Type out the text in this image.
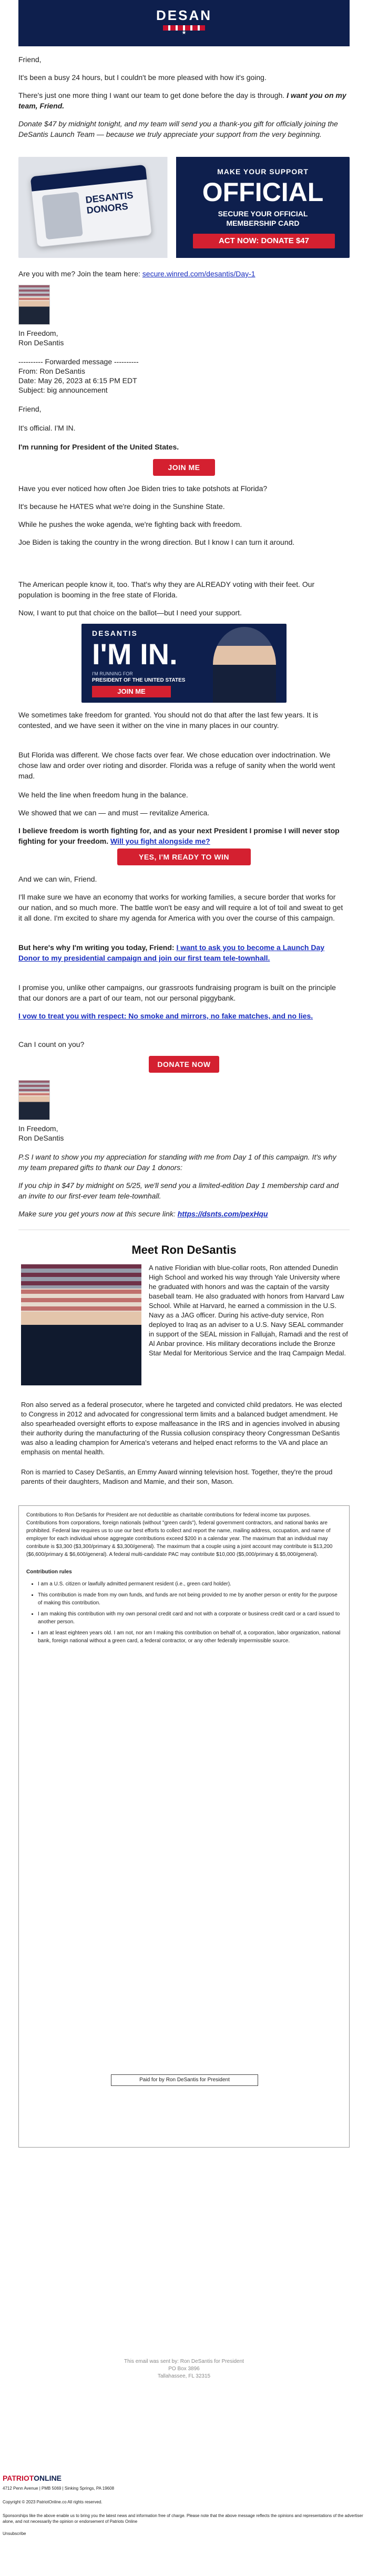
DESAN
★
Friend,
It's been a busy 24 hours, but I couldn't be more pleased with how it's going.
There's just one more thing I want our team to get done before the day is through. I want you on my team, Friend.
Donate $47 by midnight tonight, and my team will send you a thank-you gift for officially joining the DeSantis Launch Team — because we truly appreciate your support from the very beginning.
DESANTIS
DONORS
MAKE YOUR SUPPORT
OFFICIAL
SECURE YOUR OFFICIAL
MEMBERSHIP CARD
ACT NOW: DONATE $47
Are you with me? Join the team here: secure.winred.com/desantis/Day-1
In Freedom,
Ron DeSantis
---------- Forwarded message ----------
From: Ron DeSantis
Date: May 26, 2023 at 6:15 PM EDT
Subject: big announcement
Friend,
It's official. I'M IN.
I'm running for President of the United States.
JOIN ME
Have you ever noticed how often Joe Biden tries to take potshots at Florida?
It's because he HATES what we're doing in the Sunshine State.
While he pushes the woke agenda, we're fighting back with freedom.
Joe Biden is taking the country in the wrong direction. But I know I can turn it around.
The American people know it, too. That's why they are ALREADY voting with their feet. Our population is booming in the free state of Florida.
Now, I want to put that choice on the ballot—but I need your support.
DESANTIS
I'M IN.
I'M RUNNING FOR
PRESIDENT OF THE UNITED STATES
JOIN ME
We sometimes take freedom for granted. You should not do that after the last few years. It is contested, and we have seen it wither on the vine in many places in our country.
But Florida was different. We chose facts over fear. We chose education over indoctrination. We chose law and order over rioting and disorder. Florida was a refuge of sanity when the world went mad.
We held the line when freedom hung in the balance.
We showed that we can — and must — revitalize America.
I believe freedom is worth fighting for, and as your next President I promise I will never stop fighting for your freedom. Will you fight alongside me?
YES, I'M READY TO WIN
And we can win, Friend.
I'll make sure we have an economy that works for working families, a secure border that works for our nation, and so much more. The battle won't be easy and will require a lot of toil and sweat to get it all done. I'm excited to share my agenda for America with you over the course of this campaign.
But here's why I'm writing you today, Friend: I want to ask you to become a Launch Day Donor to my presidential campaign and join our first team tele-townhall.
I promise you, unlike other campaigns, our grassroots fundraising program is built on the principle that our donors are a part of our team, not our personal piggybank.
I vow to treat you with respect: No smoke and mirrors, no fake matches, and no lies.
Can I count on you?
DONATE NOW
In Freedom,
Ron DeSantis
P.S I want to show you my appreciation for standing with me from Day 1 of this campaign. It's why my team prepared gifts to thank our Day 1 donors:
If you chip in $47 by midnight on 5/25, we'll send you a limited-edition Day 1 membership card and an invite to our first-ever team tele-townhall.
Make sure you get yours now at this secure link: https://dsnts.com/pexHqu
Meet Ron DeSantis
A native Floridian with blue-collar roots, Ron attended Dunedin High School and worked his way through Yale University where he graduated with honors and was the captain of the varsity baseball team. He also graduated with honors from Harvard Law School. While at Harvard, he earned a commission in the U.S. Navy as a JAG officer. During his active-duty service, Ron deployed to Iraq as an adviser to a U.S. Navy SEAL commander in support of the SEAL mission in Fallujah, Ramadi and the rest of Al Anbar province. His military decorations include the Bronze Star Medal for Meritorious Service and the Iraq Campaign Medal.
Ron also served as a federal prosecutor, where he targeted and convicted child predators. He was elected to Congress in 2012 and advocated for congressional term limits and a balanced budget amendment. He also spearheaded oversight efforts to expose malfeasance in the IRS and in agencies involved in abusing their authority during the manufacturing of the Russia collusion conspiracy theory Congressman DeSantis was also a leading champion for America's veterans and helped enact reforms to the VA and place an emphasis on mental health.
Ron is married to Casey DeSantis, an Emmy Award winning television host. Together, they're the proud parents of their daughters, Madison and Mamie, and their son, Mason.
Contributions to Ron DeSantis for President are not deductible as charitable contributions for federal income tax purposes. Contributions from corporations, foreign nationals (without "green cards"), federal government contractors, and national banks are prohibited. Federal law requires us to use our best efforts to collect and report the name, mailing address, occupation, and name of employer for each individual whose aggregate contributions exceed $200 in a calendar year. The maximum that an individual may contribute is $3,300 ($3,300/primary & $3,300/general). The maximum that a couple using a joint account may contribute is $13,200 ($6,600/primary & $6,600/general). A federal multi-candidate PAC may contribute $10,000 ($5,000/primary & $5,000/general).
Contribution rules
• I am a U.S. citizen or lawfully admitted permanent resident (i.e., green card holder).
• This contribution is made from my own funds, and funds are not being provided to me by another person or entity for the purpose of making this contribution.
• I am making this contribution with my own personal credit card and not with a corporate or business credit card or a card issued to another person.
• I am at least eighteen years old. I am not, nor am I making this contribution on behalf of, a corporation, labor organization, national bank, foreign national without a green card, a federal contractor, or any other federally impermissible source.
Paid for by Ron DeSantis for President
This email was sent by: Ron DeSantis for President
PO Box 3896
Tallahassee, FL 32315
PATRIOTONLINE
4712 Penn Avenue | PMB 5069 | Sinking Springs, PA 19608
Copyright © 2023 PatriotOnline.co All rights reserved.
Sponsorships like the above enable us to bring you the latest news and information free of charge. Please note that the above message reflects the opinions and representations of the advertiser alone, and not necessarily the opinion or endorsement of Patriots Online
Unsubscribe
